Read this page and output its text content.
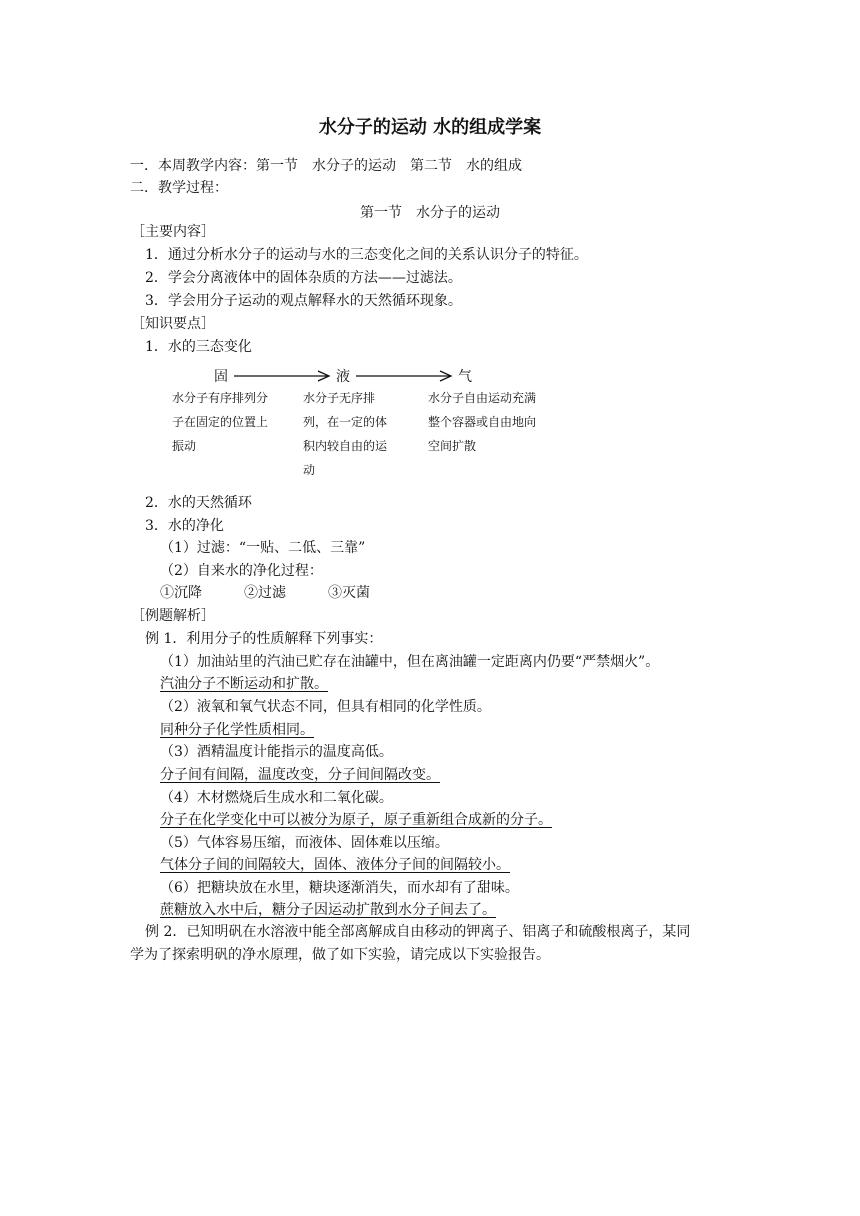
水分子的运动 水的组成学案
一．本周教学内容：第一节　水分子的运动　第二节　水的组成
二．教学过程：
第一节　水分子的运动
［主要内容］
1．通过分析水分子的运动与水的三态变化之间的关系认识分子的特征。
2．学会分离液体中的固体杂质的方法——过滤法。
3．学会用分子运动的观点解释水的天然循环现象。
［知识要点］
1．水的三态变化
固	液	气
水分子有序排列分子在固定的位置上振动
水分子无序排列，在一定的体积内较自由的运动
水分子自由运动充满整个容器或自由地向空间扩散
2．水的天然循环
3．水的净化
（1）过滤：“一贴、二低、三靠”
（2）自来水的净化过程：
①沉降　　　②过滤　　　③灭菌
［例题解析］
例 1．利用分子的性质解释下列事实：
（1）加油站里的汽油已贮存在油罐中，但在离油罐一定距离内仍要“严禁烟火”。
汽油分子不断运动和扩散。
（2）液氧和氧气状态不同，但具有相同的化学性质。
同种分子化学性质相同。
（3）酒精温度计能指示的温度高低。
分子间有间隔，温度改变，分子间间隔改变。
（4）木材燃烧后生成水和二氧化碳。
分子在化学变化中可以被分为原子，原子重新组合成新的分子。
（5）气体容易压缩，而液体、固体难以压缩。
气体分子间的间隔较大，固体、液体分子间的间隔较小。
（6）把糖块放在水里，糖块逐渐消失，而水却有了甜味。
蔗糖放入水中后，糖分子因运动扩散到水分子间去了。
例 2．已知明矾在水溶液中能全部离解成自由移动的钾离子、铝离子和硫酸根离子，某同
学为了探索明矾的净水原理，做了如下实验，请完成以下实验报告。
